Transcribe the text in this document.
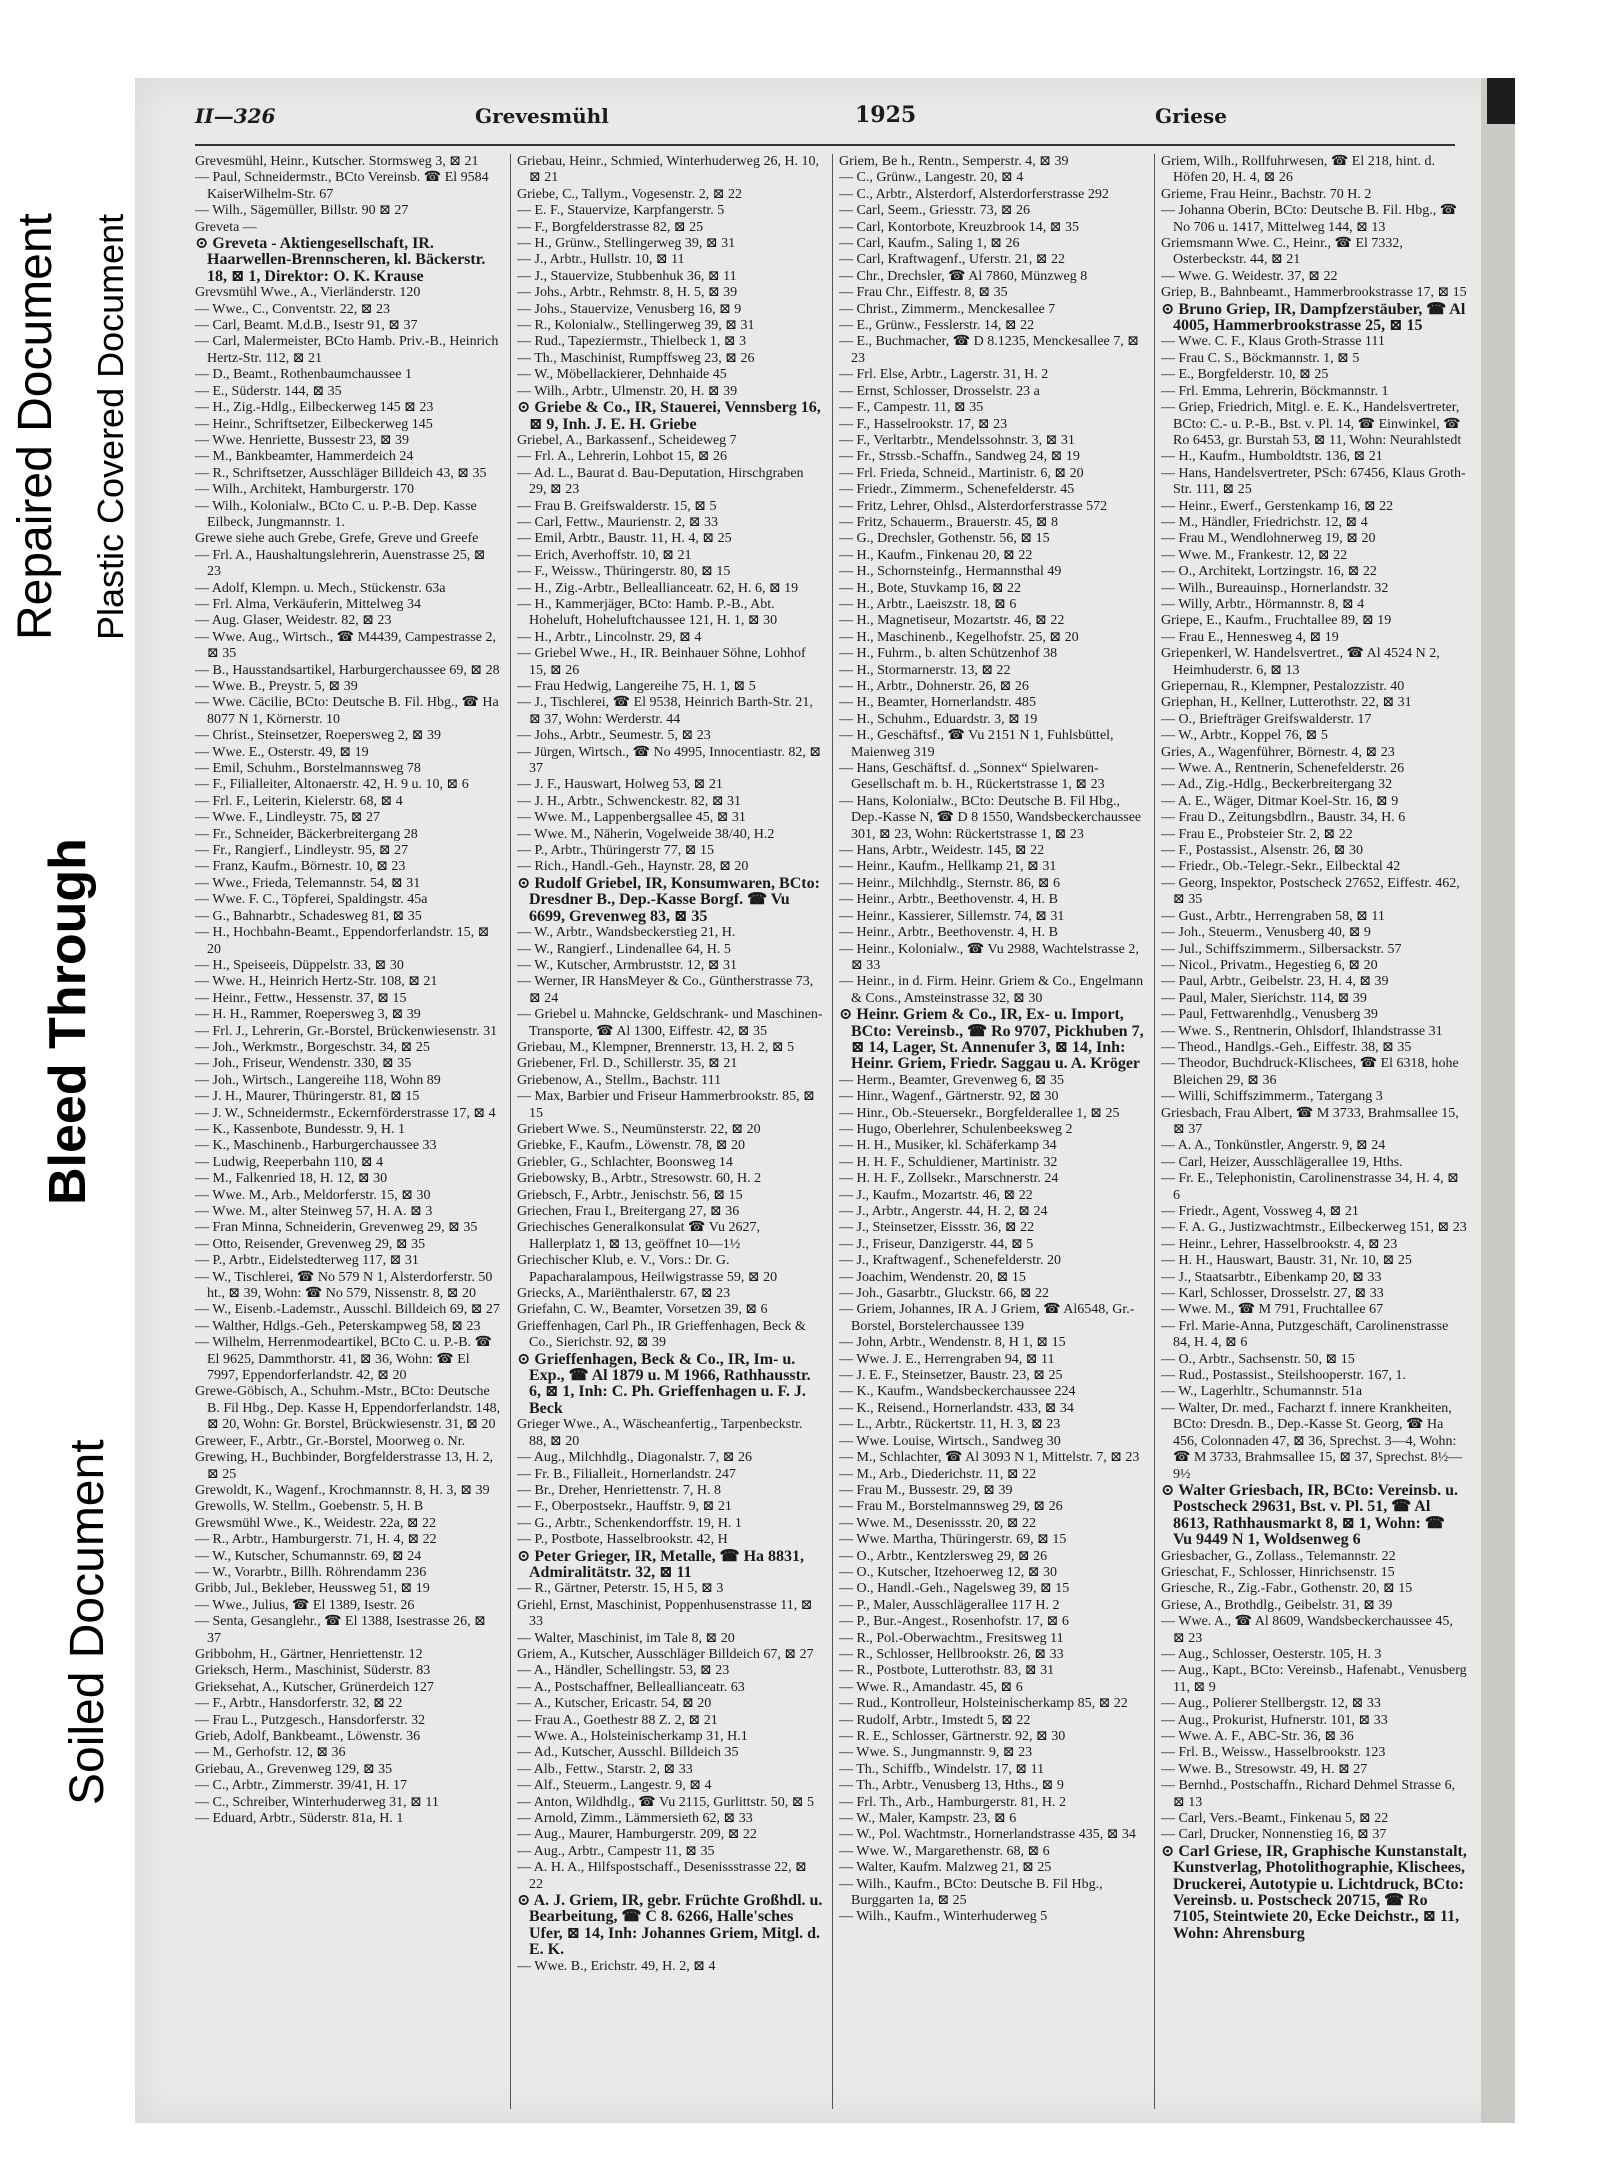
Repaired Document Plastic Covered Document
Bleed Through
Soiled Document
II—326	Grevesmühl	1925	Griese

Grevesmühl, Heinr., Kutscher. Stormsweg 3, ⊠ 21

— Paul, Schneidermstr., BCto Vereinsb. ☎ El 9584 KaiserWilhelm-Str. 67

— Wilh., Sägemüller, Billstr. 90 ⊠ 27

Greveta —

⊙ Greveta - Aktiengesellschaft, IR. Haarwellen-Brennscheren, kl. Bäckerstr. 18, ⊠ 1, Direktor: O. K. Krause

Grevsmühl Wwe., A., Vierländerstr. 120

— Wwe., C., Conventstr. 22, ⊠ 23

— Carl, Beamt. M.d.B., Isestr 91, ⊠ 37

— Carl, Malermeister, BCto Hamb. Priv.-B., Heinrich Hertz-Str. 112, ⊠ 21

— D., Beamt., Rothenbaumchaussee 1

— E., Süderstr. 144, ⊠ 35

— H., Zig.-Hdlg., Eilbeckerweg 145 ⊠ 23

— Heinr., Schriftsetzer, Eilbeckerweg 145

— Wwe. Henriette, Bussestr 23, ⊠ 39

— M., Bankbeamter, Hammerdeich 24

— R., Schriftsetzer, Ausschläger Billdeich 43, ⊠ 35

— Wilh., Architekt, Hamburgerstr. 170

— Wilh., Kolonialw., BCto C. u. P.-B. Dep. Kasse Eilbeck, Jungmannstr. 1.

Grewe siehe auch Grebe, Grefe, Greve und Greefe

— Frl. A., Haushaltungslehrerin, Auenstrasse 25, ⊠ 23

— Adolf, Klempn. u. Mech., Stückenstr. 63a

— Frl. Alma, Verkäuferin, Mittelweg 34

— Aug. Glaser, Weidestr. 82, ⊠ 23

— Wwe. Aug., Wirtsch., ☎ M4439, Campestrasse 2, ⊠ 35

— B., Hausstandsartikel, Harburgerchaussee 69, ⊠ 28

— Wwe. B., Preystr. 5, ⊠ 39

— Wwe. Cäcilie, BCto: Deutsche B. Fil. Hbg., ☎ Ha 8077 N 1, Körnerstr. 10

— Christ., Steinsetzer, Roepersweg 2, ⊠ 39

— Wwe. E., Osterstr. 49, ⊠ 19

— Emil, Schuhm., Borstelmannsweg 78

— F., Filialleiter, Altonaerstr. 42, H. 9 u. 10, ⊠ 6

— Frl. F., Leiterin, Kielerstr. 68, ⊠ 4

— Wwe. F., Lindleystr. 75, ⊠ 27

— Fr., Schneider, Bäckerbreitergang 28

— Fr., Rangierf., Lindleystr. 95, ⊠ 27

— Franz, Kaufm., Börnestr. 10, ⊠ 23

— Wwe., Frieda, Telemannstr. 54, ⊠ 31

— Wwe. F. C., Töpferei, Spaldingstr. 45a

— G., Bahnarbtr., Schadesweg 81, ⊠ 35

— H., Hochbahn-Beamt., Eppendorferlandstr. 15, ⊠ 20

— H., Speiseeis, Düppelstr. 33, ⊠ 30

— Wwe. H., Heinrich Hertz-Str. 108, ⊠ 21

— Heinr., Fettw., Hessenstr. 37, ⊠ 15

— H. H., Rammer, Roepersweg 3, ⊠ 39

— Frl. J., Lehrerin, Gr.-Borstel, Brückenwiesenstr. 31

— Joh., Werkmstr., Borgeschstr. 34, ⊠ 25

— Joh., Friseur, Wendenstr. 330, ⊠ 35

— Joh., Wirtsch., Langereihe 118, Wohn 89

— J. H., Maurer, Thüringerstr. 81, ⊠ 15

— J. W., Schneidermstr., Eckernförderstrasse 17, ⊠ 4

— K., Kassenbote, Bundesstr. 9, H. 1

— K., Maschinenb., Harburgerchaussee 33

— Ludwig, Reeperbahn 110, ⊠ 4

— M., Falkenried 18, H. 12, ⊠ 30

— Wwe. M., Arb., Meldorferstr. 15, ⊠ 30

— Wwe. M., alter Steinweg 57, H. A. ⊠ 3

— Fran Minna, Schneiderin, Grevenweg 29, ⊠ 35

— Otto, Reisender, Grevenweg 29, ⊠ 35

— P., Arbtr., Eidelstedterweg 117, ⊠ 31

— W., Tischlerei, ☎ No 579 N 1, Alsterdorferstr. 50 ht., ⊠ 39, Wohn: ☎ No 579, Nissenstr. 8, ⊠ 20

— W., Eisenb.-Lademstr., Ausschl. Billdeich 69, ⊠ 27

— Walther, Hdlgs.-Geh., Peterskampweg 58, ⊠ 23

— Wilhelm, Herrenmodeartikel, BCto C. u. P.-B. ☎ El 9625, Dammthorstr. 41, ⊠ 36, Wohn: ☎ El 7997, Eppendorferlandstr. 42, ⊠ 20

Grewe-Göbisch, A., Schuhm.-Mstr., BCto: Deutsche B. Fil Hbg., Dep. Kasse H, Eppendorferlandstr. 148, ⊠ 20, Wohn: Gr. Borstel, Brückwiesenstr. 31, ⊠ 20

Greweer, F., Arbtr., Gr.-Borstel, Moorweg o. Nr.

Grewing, H., Buchbinder, Borgfelderstrasse 13, H. 2, ⊠ 25

Grewoldt, K., Wagenf., Krochmannstr. 8, H. 3, ⊠ 39

Grewolls, W. Stellm., Goebenstr. 5, H. B

Grewsmühl Wwe., K., Weidestr. 22a, ⊠ 22

— R., Arbtr., Hamburgerstr. 71, H. 4, ⊠ 22

— W., Kutscher, Schumannstr. 69, ⊠ 24

— W., Vorarbtr., Billh. Röhrendamm 236

Gribb, Jul., Bekleber, Heussweg 51, ⊠ 19

— Wwe., Julius, ☎ El 1389, Isestr. 26

— Senta, Gesanglehr., ☎ El 1388, Isestrasse 26, ⊠ 37

Gribbohm, H., Gärtner, Henriettenstr. 12

Grieksch, Herm., Maschinist, Süderstr. 83

Grieksehat, A., Kutscher, Grünerdeich 127

— F., Arbtr., Hansdorferstr. 32, ⊠ 22

— Frau L., Putzgesch., Hansdorferstr. 32

Grieb, Adolf, Bankbeamt., Löwenstr. 36

— M., Gerhofstr. 12, ⊠ 36

Griebau, A., Grevenweg 129, ⊠ 35

— C., Arbtr., Zimmerstr. 39/41, H. 17

— C., Schreiber, Winterhuderweg 31, ⊠ 11

— Eduard, Arbtr., Süderstr. 81a, H. 1

Griebau, Heinr., Schmied, Winterhuderweg 26, H. 10, ⊠ 21

Griebe, C., Tallym., Vogesenstr. 2, ⊠ 22

— E. F., Stauervize, Karpfangerstr. 5

— F., Borgfelderstrasse 82, ⊠ 25

— H., Grünw., Stellingerweg 39, ⊠ 31

— J., Arbtr., Hullstr. 10, ⊠ 11

— J., Stauervize, Stubbenhuk 36, ⊠ 11

— Johs., Arbtr., Rehmstr. 8, H. 5, ⊠ 39

— Johs., Stauervize, Venusberg 16, ⊠ 9

— R., Kolonialw., Stellingerweg 39, ⊠ 31

— Rud., Tapeziermstr., Thielbeck 1, ⊠ 3

— Th., Maschinist, Rumpffsweg 23, ⊠ 26

— W., Möbellackierer, Dehnhaide 45

— Wilh., Arbtr., Ulmenstr. 20, H. ⊠ 39

⊙ Griebe & Co., IR, Stauerei, Vennsberg 16, ⊠ 9, Inh. J. E. H. Griebe

Griebel, A., Barkassenf., Scheideweg 7

— Frl. A., Lehrerin, Lohbot 15, ⊠ 26

— Ad. L., Baurat d. Bau-Deputation, Hirschgraben 29, ⊠ 23

— Frau B. Greifswalderstr. 15, ⊠ 5

— Carl, Fettw., Maurienstr. 2, ⊠ 33

— Emil, Arbtr., Baustr. 11, H. 4, ⊠ 25

— Erich, Averhoffstr. 10, ⊠ 21

— F., Weissw., Thüringerstr. 80, ⊠ 15

— H., Zig.-Arbtr., Belleallianceatr. 62, H. 6, ⊠ 19

— H., Kammerjäger, BCto: Hamb. P.-B., Abt. Hoheluft, Hoheluftchaussee 121, H. 1, ⊠ 30

— H., Arbtr., Lincolnstr. 29, ⊠ 4

— Griebel Wwe., H., IR. Beinhauer Söhne, Lohhof 15, ⊠ 26

— Frau Hedwig, Langereihe 75, H. 1, ⊠ 5

— J., Tischlerei, ☎ El 9538, Heinrich Barth-Str. 21, ⊠ 37, Wohn: Werderstr. 44

— Johs., Arbtr., Seumestr. 5, ⊠ 23

— Jürgen, Wirtsch., ☎ No 4995, Innocentiastr. 82, ⊠ 37

— J. F., Hauswart, Holweg 53, ⊠ 21

— J. H., Arbtr., Schwenckestr. 82, ⊠ 31

— Wwe. M., Lappenbergsallee 45, ⊠ 31

— Wwe. M., Näherin, Vogelweide 38/40, H.2

— P., Arbtr., Thüringerstr 77, ⊠ 15

— Rich., Handl.-Geh., Haynstr. 28, ⊠ 20

⊙ Rudolf Griebel, IR, Konsumwaren, BCto: Dresdner B., Dep.-Kasse Borgf. ☎ Vu 6699, Grevenweg 83, ⊠ 35

— W., Arbtr., Wandsbeckerstieg 21, H.

— W., Rangierf., Lindenallee 64, H. 5

— W., Kutscher, Armbruststr. 12, ⊠ 31

— Werner, IR HansMeyer & Co., Güntherstrasse 73, ⊠ 24

— Griebel u. Mahncke, Geldschrank- und Maschinen-Transporte, ☎ Al 1300, Eiffestr. 42, ⊠ 35

Griebau, M., Klempner, Brennerstr. 13, H. 2, ⊠ 5

Griebener, Frl. D., Schillerstr. 35, ⊠ 21

Griebenow, A., Stellm., Bachstr. 111

— Max, Barbier und Friseur Hammerbrookstr. 85, ⊠ 15

Griebert Wwe. S., Neumünsterstr. 22, ⊠ 20

Griebke, F., Kaufm., Löwenstr. 78, ⊠ 20

Griebler, G., Schlachter, Boonsweg 14

Griebowsky, B., Arbtr., Stresowstr. 60, H. 2

Griebsch, F., Arbtr., Jenischstr. 56, ⊠ 15

Griechen, Frau I., Breitergang 27, ⊠ 36

Griechisches Generalkonsulat ☎ Vu 2627, Hallerplatz 1, ⊠ 13, geöffnet 10—1½

Griechischer Klub, e. V., Vors.: Dr. G. Papacharalampous, Heilwigstrasse 59, ⊠ 20

Griecks, A., Mariënthalerstr. 67, ⊠ 23

Griefahn, C. W., Beamter, Vorsetzen 39, ⊠ 6

Grieffenhagen, Carl Ph., IR Grieffenhagen, Beck & Co., Sierichstr. 92, ⊠ 39

⊙ Grieffenhagen, Beck & Co., IR, Im- u. Exp., ☎ Al 1879 u. M 1966, Rathhausstr. 6, ⊠ 1, Inh: C. Ph. Grieffenhagen u. F. J. Beck

Grieger Wwe., A., Wäscheanfertig., Tarpenbeckstr. 88, ⊠ 20

— Aug., Milchhdlg., Diagonalstr. 7, ⊠ 26

— Fr. B., Filialleit., Hornerlandstr. 247

— Br., Dreher, Henriettenstr. 7, H. 8

— F., Oberpostsekr., Hauffstr. 9, ⊠ 21

— G., Arbtr., Schenkendorffstr. 19, H. 1

— P., Postbote, Hasselbrookstr. 42, H

⊙ Peter Grieger, IR, Metalle, ☎ Ha 8831, Admiralitätstr. 32, ⊠ 11

— R., Gärtner, Peterstr. 15, H 5, ⊠ 3

Griehl, Ernst, Maschinist, Poppenhusenstrasse 11, ⊠ 33

— Walter, Maschinist, im Tale 8, ⊠ 20

Griem, A., Kutscher, Ausschläger Billdeich 67, ⊠ 27

— A., Händler, Schellingstr. 53, ⊠ 23

— A., Postschaffner, Belleallianceatr. 63

— A., Kutscher, Ericastr. 54, ⊠ 20

— Frau A., Goethestr 88 Z. 2, ⊠ 21

— Wwe. A., Holsteinischerkamp 31, H.1

— Ad., Kutscher, Ausschl. Billdeich 35

— Alb., Fettw., Starstr. 2, ⊠ 33

— Alf., Steuerm., Langestr. 9, ⊠ 4

— Anton, Wildhdlg., ☎ Vu 2115, Gurlittstr. 50, ⊠ 5

— Arnold, Zimm., Lämmersieth 62, ⊠ 33

— Aug., Maurer, Hamburgerstr. 209, ⊠ 22

— Aug., Arbtr., Campestr 11, ⊠ 35

— A. H. A., Hilfspostschaff., Desenissstrasse 22, ⊠ 22

⊙ A. J. Griem, IR, gebr. Früchte Großhdl. u. Bearbeitung, ☎ C 8. 6266, Halle'sches Ufer, ⊠ 14, Inh: Johannes Griem, Mitgl. d. E. K.

— Wwe. B., Erichstr. 49, H. 2, ⊠ 4

Griem, Be h., Rentn., Semperstr. 4, ⊠ 39

— C., Grünw., Langestr. 20, ⊠ 4

— C., Arbtr., Alsterdorf, Alsterdorferstrasse 292

— Carl, Seem., Griesstr. 73, ⊠ 26

— Carl, Kontorbote, Kreuzbrook 14, ⊠ 35

— Carl, Kaufm., Saling 1, ⊠ 26

— Carl, Kraftwagenf., Uferstr. 21, ⊠ 22

— Chr., Drechsler, ☎ Al 7860, Münzweg 8

— Frau Chr., Eiffestr. 8, ⊠ 35

— Christ., Zimmerm., Menckesallee 7

— E., Grünw., Fesslerstr. 14, ⊠ 22

— E., Buchmacher, ☎ D 8.1235, Menckesallee 7, ⊠ 23

— Frl. Else, Arbtr., Lagerstr. 31, H. 2

— Ernst, Schlosser, Drosselstr. 23 a

— F., Campestr. 11, ⊠ 35

— F., Hasselrookstr. 17, ⊠ 23

— F., Verltarbtr., Mendelssohnstr. 3, ⊠ 31

— Fr., Strssb.-Schaffn., Sandweg 24, ⊠ 19

— Frl. Frieda, Schneid., Martinistr. 6, ⊠ 20

— Friedr., Zimmerm., Schenefelderstr. 45

— Fritz, Lehrer, Ohlsd., Alsterdorferstrasse 572

— Fritz, Schauerm., Brauerstr. 45, ⊠ 8

— G., Drechsler, Gothenstr. 56, ⊠ 15

— H., Kaufm., Finkenau 20, ⊠ 22

— H., Schornsteinfg., Hermannsthal 49

— H., Bote, Stuvkamp 16, ⊠ 22

— H., Arbtr., Laeiszstr. 18, ⊠ 6

— H., Magnetiseur, Mozartstr. 46, ⊠ 22

— H., Maschinenb., Kegelhofstr. 25, ⊠ 20

— H., Fuhrm., b. alten Schützenhof 38

— H., Stormarnerstr. 13, ⊠ 22

— H., Arbtr., Dohnerstr. 26, ⊠ 26

— H., Beamter, Hornerlandstr. 485

— H., Schuhm., Eduardstr. 3, ⊠ 19

— H., Geschäftsf., ☎ Vu 2151 N 1, Fuhlsbüttel, Maienweg 319

— Hans, Geschäftsf. d. „Sonnex“ Spielwaren-Gesellschaft m. b. H., Rückertstrasse 1, ⊠ 23

— Hans, Kolonialw., BCto: Deutsche B. Fil Hbg., Dep.-Kasse N, ☎ D 8 1550, Wandsbeckerchaussee 301, ⊠ 23, Wohn: Rückertstrasse 1, ⊠ 23

— Hans, Arbtr., Weidestr. 145, ⊠ 22

— Heinr., Kaufm., Hellkamp 21, ⊠ 31

— Heinr., Milchhdlg., Sternstr. 86, ⊠ 6

— Heinr., Arbtr., Beethovenstr. 4, H. B

— Heinr., Kassierer, Sillemstr. 74, ⊠ 31

— Heinr., Arbtr., Beethovenstr. 4, H. B

— Heinr., Kolonialw., ☎ Vu 2988, Wachtelstrasse 2, ⊠ 33

— Heinr., in d. Firm. Heinr. Griem & Co., Engelmann & Cons., Amsteinstrasse 32, ⊠ 30

⊙ Heinr. Griem & Co., IR, Ex- u. Import, BCto: Vereinsb., ☎ Ro 9707, Pickhuben 7, ⊠ 14, Lager, St. Annenufer 3, ⊠ 14, Inh: Heinr. Griem, Friedr. Saggau u. A. Kröger

— Herm., Beamter, Grevenweg 6, ⊠ 35

— Hinr., Wagenf., Gärtnerstr. 92, ⊠ 30

— Hinr., Ob.-Steuersekr., Borgfelderallee 1, ⊠ 25

— Hugo, Oberlehrer, Schulenbeeksweg 2

— H. H., Musiker, kl. Schäferkamp 34

— H. H. F., Schuldiener, Martinistr. 32

— H. H. F., Zollsekr., Marschnerstr. 24

— J., Kaufm., Mozartstr. 46, ⊠ 22

— J., Arbtr., Angerstr. 44, H. 2, ⊠ 24

— J., Steinsetzer, Eissstr. 36, ⊠ 22

— J., Friseur, Danzigerstr. 44, ⊠ 5

— J., Kraftwagenf., Schenefelderstr. 20

— Joachim, Wendenstr. 20, ⊠ 15

— Joh., Gasarbtr., Gluckstr. 66, ⊠ 22

— Griem, Johannes, IR A. J Griem, ☎ Al6548, Gr.-Borstel, Borstelerchaussee 139

— John, Arbtr., Wendenstr. 8, H 1, ⊠ 15

— Wwe. J. E., Herrengraben 94, ⊠ 11

— J. E. F., Steinsetzer, Baustr. 23, ⊠ 25

— K., Kaufm., Wandsbeckerchaussee 224

— K., Reisend., Hornerlandstr. 433, ⊠ 34

— L., Arbtr., Rückertstr. 11, H. 3, ⊠ 23

— Wwe. Louise, Wirtsch., Sandweg 30

— M., Schlachter, ☎ Al 3093 N 1, Mittelstr. 7, ⊠ 23

— M., Arb., Diederichstr. 11, ⊠ 22

— Frau M., Bussestr. 29, ⊠ 39

— Frau M., Borstelmannsweg 29, ⊠ 26

— Wwe. M., Desenissstr. 20, ⊠ 22

— Wwe. Martha, Thüringerstr. 69, ⊠ 15

— O., Arbtr., Kentzlersweg 29, ⊠ 26

— O., Kutscher, Itzehoerweg 12, ⊠ 30

— O., Handl.-Geh., Nagelsweg 39, ⊠ 15

— P., Maler, Ausschlägerallee 117 H. 2

— P., Bur.-Angest., Rosenhofstr. 17, ⊠ 6

— R., Pol.-Oberwachtm., Fresitsweg 11

— R., Schlosser, Hellbrookstr. 26, ⊠ 33

— R., Postbote, Lutterothstr. 83, ⊠ 31

— Wwe. R., Amandastr. 45, ⊠ 6

— Rud., Kontrolleur, Holsteinischerkamp 85, ⊠ 22

— Rudolf, Arbtr., Imstedt 5, ⊠ 22

— R. E., Schlosser, Gärtnerstr. 92, ⊠ 30

— Wwe. S., Jungmannstr. 9, ⊠ 23

— Th., Schiffb., Windelstr. 17, ⊠ 11

— Th., Arbtr., Venusberg 13, Hths., ⊠ 9

— Frl. Th., Arb., Hamburgerstr. 81, H. 2

— W., Maler, Kampstr. 23, ⊠ 6

— W., Pol. Wachtmstr., Hornerlandstrasse 435, ⊠ 34

— Wwe. W., Margarethenstr. 68, ⊠ 6

— Walter, Kaufm. Malzweg 21, ⊠ 25

— Wilh., Kaufm., BCto: Deutsche B. Fil Hbg., Burggarten 1a, ⊠ 25

— Wilh., Kaufm., Winterhuderweg 5

Griem, Wilh., Rollfuhrwesen, ☎ El 218, hint. d. Höfen 20, H. 4, ⊠ 26

Grieme, Frau Heinr., Bachstr. 70 H. 2

— Johanna Oberin, BCto: Deutsche B. Fil. Hbg., ☎ No 706 u. 1417, Mittelweg 144, ⊠ 13

Griemsmann Wwe. C., Heinr., ☎ El 7332, Osterbeckstr. 44, ⊠ 21

— Wwe. G. Weidestr. 37, ⊠ 22

Griep, B., Bahnbeamt., Hammerbrookstrasse 17, ⊠ 15

⊙ Bruno Griep, IR, Dampfzerstäuber, ☎ Al 4005, Hammerbrookstrasse 25, ⊠ 15

— Wwe. C. F., Klaus Groth-Strasse 111

— Frau C. S., Böckmannstr. 1, ⊠ 5

— E., Borgfelderstr. 10, ⊠ 25

— Frl. Emma, Lehrerin, Böckmannstr. 1

— Griep, Friedrich, Mitgl. e. E. K., Handelsvertreter, BCto: C.- u. P.-B., Bst. v. Pl. 14, ☎ Einwinkel, ☎ Ro 6453, gr. Burstah 53, ⊠ 11, Wohn: Neurahlstedt

— H., Kaufm., Humboldtstr. 136, ⊠ 21

— Hans, Handelsvertreter, PSch: 67456, Klaus Groth-Str. 111, ⊠ 25

— Heinr., Ewerf., Gerstenkamp 16, ⊠ 22

— M., Händler, Friedrichstr. 12, ⊠ 4

— Frau M., Wendlohnerweg 19, ⊠ 20

— Wwe. M., Frankestr. 12, ⊠ 22

— O., Architekt, Lortzingstr. 16, ⊠ 22

— Wilh., Bureauinsp., Hornerlandstr. 32

— Willy, Arbtr., Hörmannstr. 8, ⊠ 4

Griepe, E., Kaufm., Fruchtallee 89, ⊠ 19

— Frau E., Hennesweg 4, ⊠ 19

Griepenkerl, W. Handelsvertret., ☎ Al 4524 N 2, Heimhuderstr. 6, ⊠ 13

Griepernau, R., Klempner, Pestalozzistr. 40

Griephan, H., Kellner, Lutterothstr. 22, ⊠ 31

— O., Briefträger Greifswalderstr. 17

— W., Arbtr., Koppel 76, ⊠ 5

Gries, A., Wagenführer, Börnestr. 4, ⊠ 23

— Wwe. A., Rentnerin, Schenefelderstr. 26

— Ad., Zig.-Hdlg., Beckerbreitergang 32

— A. E., Wäger, Ditmar Koel-Str. 16, ⊠ 9

— Frau D., Zeitungsbdlrn., Baustr. 34, H. 6

— Frau E., Probsteier Str. 2, ⊠ 22

— F., Postassist., Alsenstr. 26, ⊠ 30

— Friedr., Ob.-Telegr.-Sekr., Eilbecktal 42

— Georg, Inspektor, Postscheck 27652, Eiffestr. 462, ⊠ 35

— Gust., Arbtr., Herrengraben 58, ⊠ 11

— Joh., Steuerm., Venusberg 40, ⊠ 9

— Jul., Schiffszimmerm., Silbersackstr. 57

— Nicol., Privatm., Hegestieg 6, ⊠ 20

— Paul, Arbtr., Geibelstr. 23, H. 4, ⊠ 39

— Paul, Maler, Sierichstr. 114, ⊠ 39

— Paul, Fettwarenhdlg., Venusberg 39

— Wwe. S., Rentnerin, Ohlsdorf, Ihlandstrasse 31

— Theod., Handlgs.-Geh., Eiffestr. 38, ⊠ 35

— Theodor, Buchdruck-Klischees, ☎ El 6318, hohe Bleichen 29, ⊠ 36

— Willi, Schiffszimmerm., Tatergang 3

Griesbach, Frau Albert, ☎ M 3733, Brahmsallee 15, ⊠ 37

— A. A., Tonkünstler, Angerstr. 9, ⊠ 24

— Carl, Heizer, Ausschlägerallee 19, Hths.

— Fr. E., Telephonistin, Carolinenstrasse 34, H. 4, ⊠ 6

— Friedr., Agent, Vossweg 4, ⊠ 21

— F. A. G., Justizwachtmstr., Eilbeckerweg 151, ⊠ 23

— Heinr., Lehrer, Hasselbrookstr. 4, ⊠ 23

— H. H., Hauswart, Baustr. 31, Nr. 10, ⊠ 25

— J., Staatsarbtr., Eibenkamp 20, ⊠ 33

— Karl, Schlosser, Drosselstr. 27, ⊠ 33

— Wwe. M., ☎ M 791, Fruchtallee 67

— Frl. Marie-Anna, Putzgeschäft, Carolinenstrasse 84, H. 4, ⊠ 6

— O., Arbtr., Sachsenstr. 50, ⊠ 15

— Rud., Postassist., Steilshooperstr. 167, 1.

— W., Lagerhltr., Schumannstr. 51a

— Walter, Dr. med., Facharzt f. innere Krankheiten, BCto: Dresdn. B., Dep.-Kasse St. Georg, ☎ Ha 456, Colonnaden 47, ⊠ 36, Sprechst. 3—4, Wohn: ☎ M 3733, Brahmsallee 15, ⊠ 37, Sprechst. 8½—9½

⊙ Walter Griesbach, IR, BCto: Vereinsb. u. Postscheck 29631, Bst. v. Pl. 51, ☎ Al 8613, Rathhausmarkt 8, ⊠ 1, Wohn: ☎ Vu 9449 N 1, Woldsenweg 6

Griesbacher, G., Zollass., Telemannstr. 22

Grieschat, F., Schlosser, Hinrichsenstr. 15

Griesche, R., Zig.-Fabr., Gothenstr. 20, ⊠ 15

Griese, A., Brothdlg., Geibelstr. 31, ⊠ 39

— Wwe. A., ☎ Al 8609, Wandsbeckerchaussee 45, ⊠ 23

— Aug., Schlosser, Oesterstr. 105, H. 3

— Aug., Kapt., BCto: Vereinsb., Hafenabt., Venusberg 11, ⊠ 9

— Aug., Polierer Stellbergstr. 12, ⊠ 33

— Aug., Prokurist, Hufnerstr. 101, ⊠ 33

— Wwe. A. F., ABC-Str. 36, ⊠ 36

— Frl. B., Weissw., Hasselbrookstr. 123

— Wwe. B., Stresowstr. 49, H. ⊠ 27

— Bernhd., Postschaffn., Richard Dehmel Strasse 6, ⊠ 13

— Carl, Vers.-Beamt., Finkenau 5, ⊠ 22

— Carl, Drucker, Nonnenstieg 16, ⊠ 37

⊙ Carl Griese, IR, Graphische Kunstanstalt, Kunstverlag, Photolithographie, Klischees, Druckerei, Autotypie u. Lichtdruck, BCto: Vereinsb. u. Postscheck 20715, ☎ Ro 7105, Steintwiete 20, Ecke Deichstr., ⊠ 11, Wohn: Ahrensburg
